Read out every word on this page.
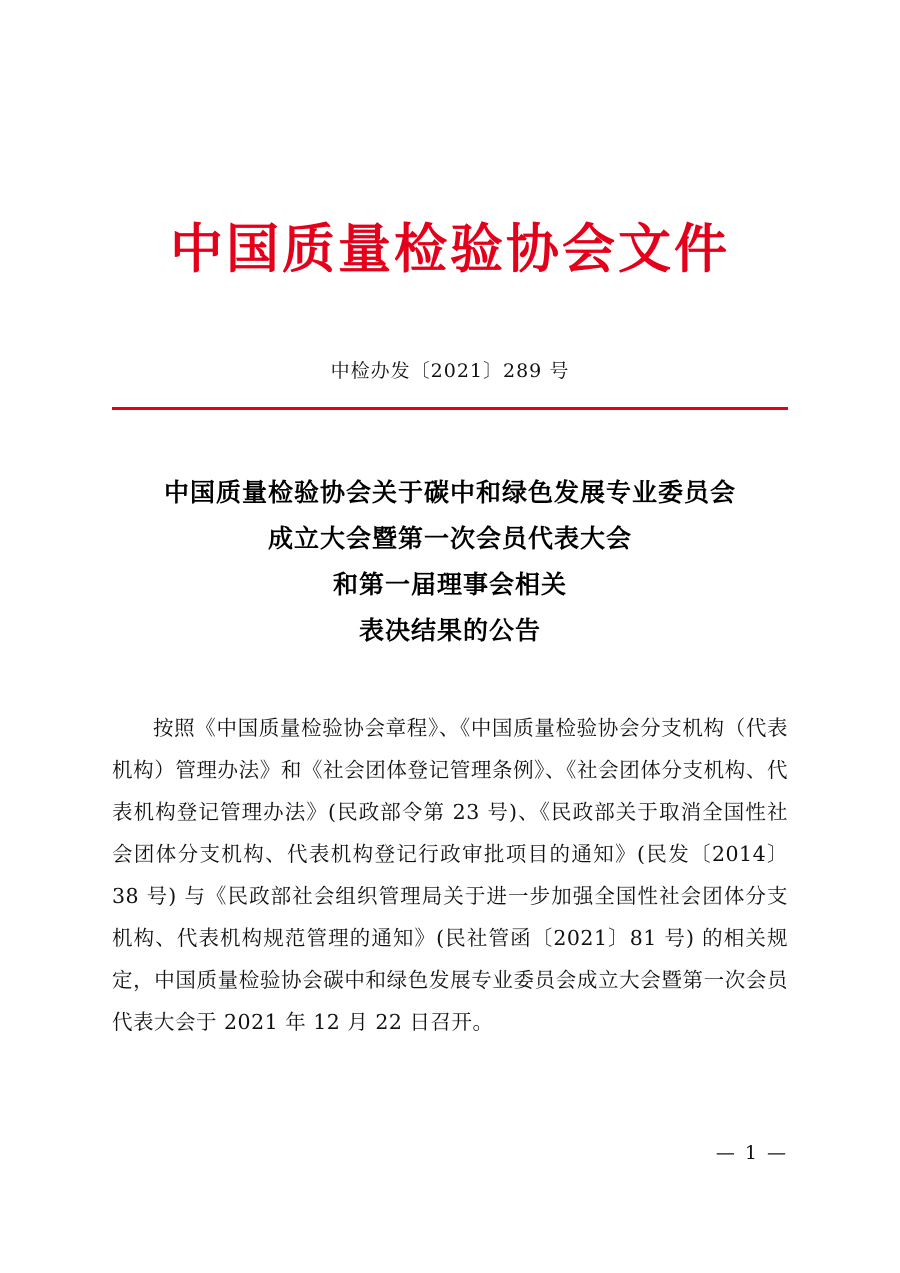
中国质量检验协会文件
中检办发〔2021〕289 号
中国质量检验协会关于碳中和绿色发展专业委员会
成立大会暨第一次会员代表大会
和第一届理事会相关
表决结果的公告

按照《中国质量检验协会章程》、《中国质量检验协会分支机构（代表机构）管理办法》和《社会团体登记管理条例》、《社会团体分支机构、代表机构登记管理办法》(民政部令第 23 号)、《民政部关于取消全国性社会团体分支机构、代表机构登记行政审批项目的通知》(民发〔2014〕38 号) 与《民政部社会组织管理局关于进一步加强全国性社会团体分支机构、代表机构规范管理的通知》(民社管函〔2021〕81 号) 的相关规定，中国质量检验协会碳中和绿色发展专业委员会成立大会暨第一次会员代表大会于 2021 年 12 月 22 日召开。

— 1 —
